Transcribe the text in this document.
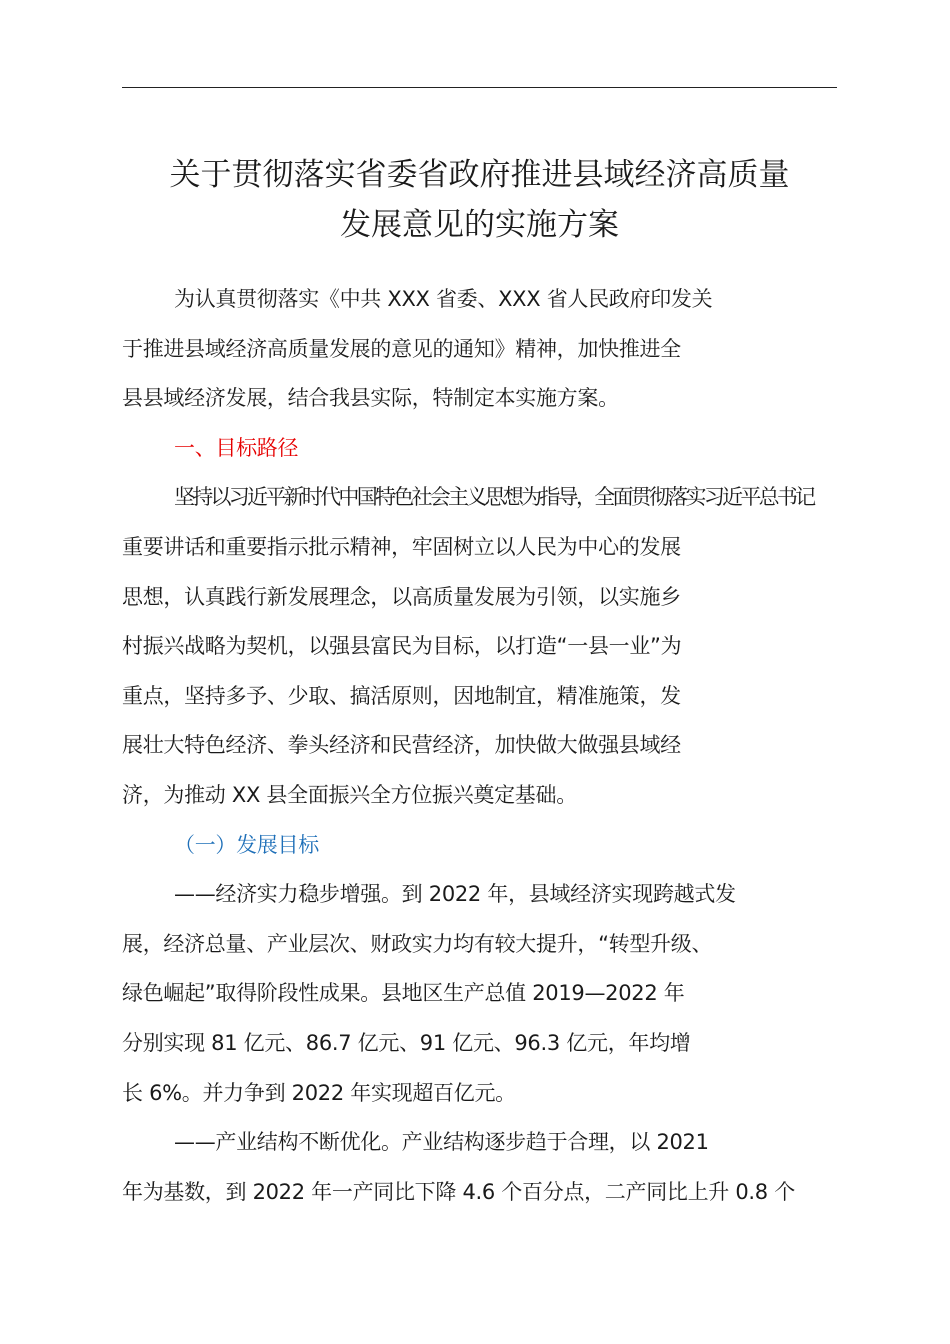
关于贯彻落实省委省政府推进县域经济高质量
发展意见的实施方案
为认真贯彻落实《中共 XXX 省委、XXX 省人民政府印发关
于推进县域经济高质量发展的意见的通知》精神，加快推进全
县县域经济发展，结合我县实际，特制定本实施方案。
一、目标路径
坚持以习近平新时代中国特色社会主义思想为指导，全面贯彻落实习近平总书记
重要讲话和重要指示批示精神，牢固树立以人民为中心的发展
思想，认真践行新发展理念，以高质量发展为引领，以实施乡
村振兴战略为契机，以强县富民为目标，以打造“一县一业”为
重点，坚持多予、少取、搞活原则，因地制宜，精准施策，发
展壮大特色经济、拳头经济和民营经济，加快做大做强县域经
济，为推动 XX 县全面振兴全方位振兴奠定基础。
（一）发展目标
——经济实力稳步增强。到 2022 年，县域经济实现跨越式发
展，经济总量、产业层次、财政实力均有较大提升，“转型升级、
绿色崛起”取得阶段性成果。县地区生产总值 2019—2022 年
分别实现 81 亿元、86.7 亿元、91 亿元、96.3 亿元，年均增
长 6%。并力争到 2022 年实现超百亿元。
——产业结构不断优化。产业结构逐步趋于合理，以 2021
年为基数，到 2022 年一产同比下降 4.6 个百分点，二产同比上升 0.8 个
